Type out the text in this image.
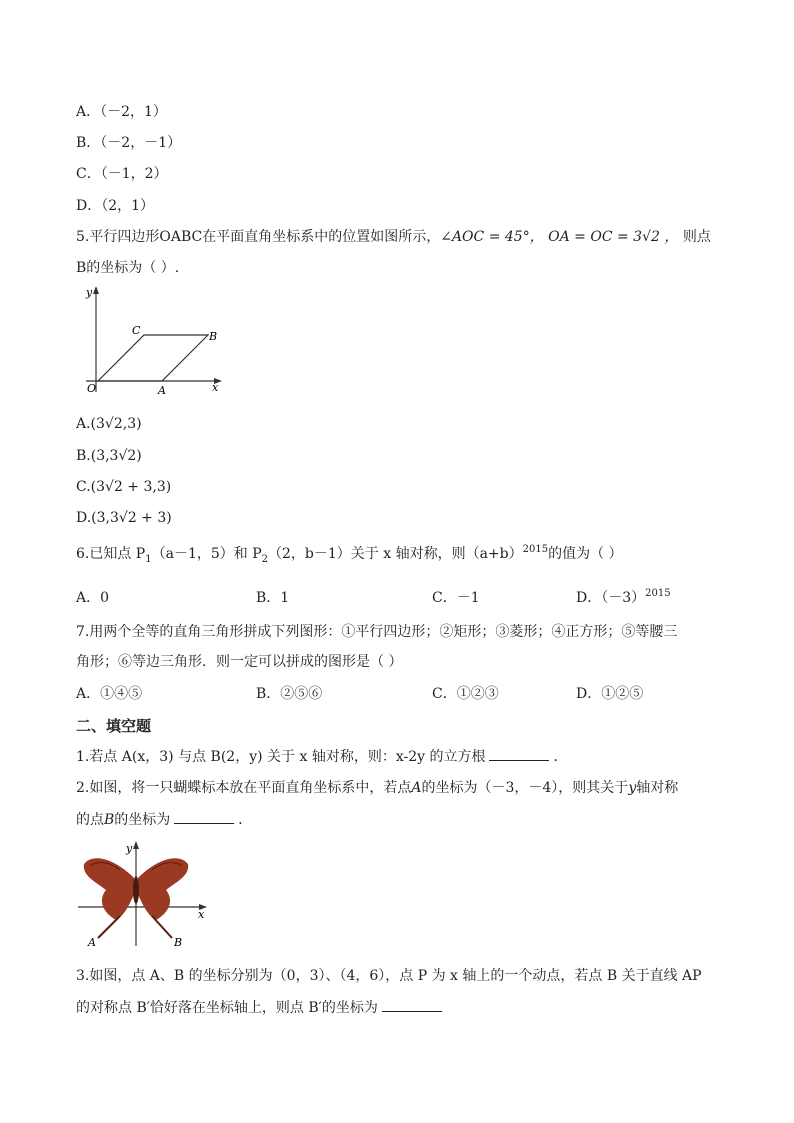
A．（－2，1）
B．（－2，－1）
C．（－1，2）
D．（2，1）
5.平行四边形OABC在平面直角坐标系中的位置如图所示，∠AOC = 45°， OA = OC = 3√2 ， 则点
B的坐标为（ ）.
y
x
O	A
B
C
A.(3√2,3)
B.(3,3√2)
C.(3√2 + 3,3)
D.(3,3√2 + 3)
6.已知点 $P_1(a-1$，5）和 $P_2(2$，b－1）关于 x 轴对称，则$(a+b)^{2015}$的值为（ ）
A．0	B．1	C．－1	D．$(-3)^{2015}$
7.用两个全等的直角三角形拼成下列图形：①平行四边形；②矩形；③菱形；④正方形；⑤等腰三
角形；⑥等边三角形．则一定可以拼成的图形是（ ）
A．①④⑤	B．②⑤⑥	C．①②③	D．①②⑤
二、填空题
1.若点 A(x，3) 与点 B(2，y) 关于 x 轴对称，则：x-2y 的立方根	．
2.如图，将一只蝴蝶标本放在平面直角坐标系中，若点A的坐标为（－3，－4），则其关于y轴对称
的点B的坐标为	．
y
x
A	B
3.如图，点 A、B 的坐标分别为（0，3）、（4，6），点 P 为 x 轴上的一个动点，若点 B 关于直线 AP
的对称点 B′恰好落在坐标轴上，则点 B′的坐标为
